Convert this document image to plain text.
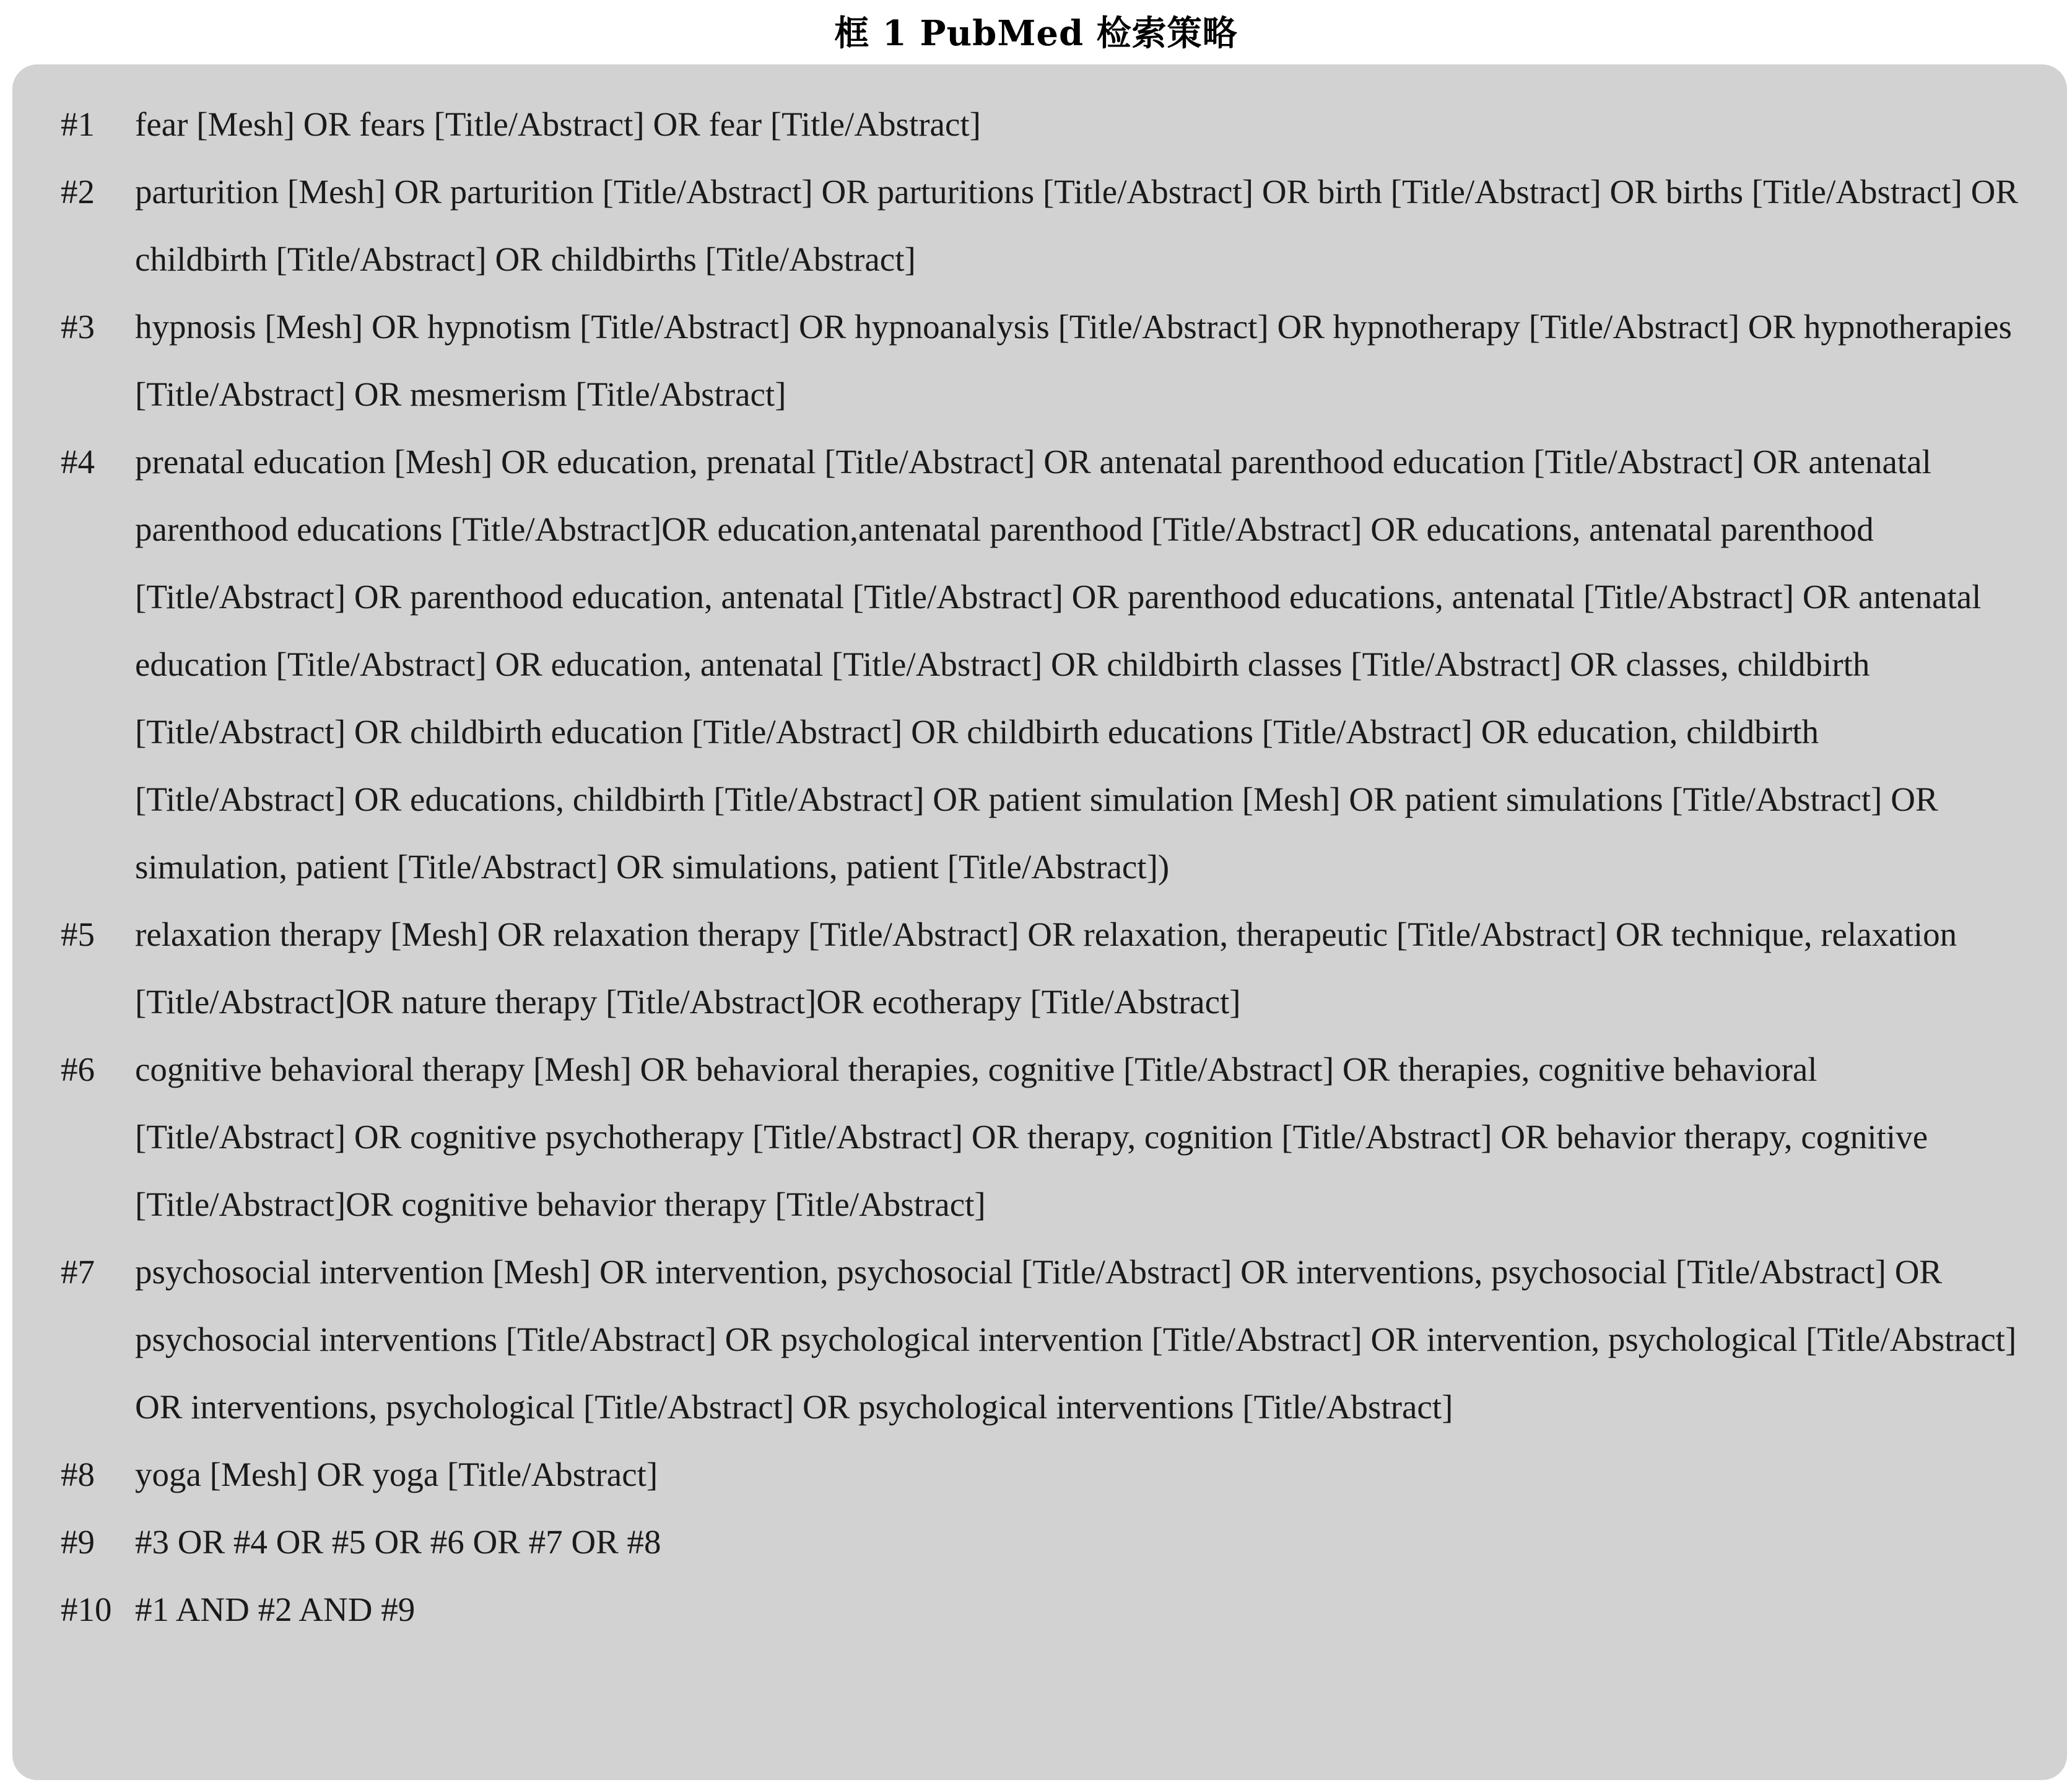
框 1 PubMed 检索策略
#1	fear [Mesh] OR fears [Title/Abstract] OR fear [Title/Abstract]
#2	parturition [Mesh] OR parturition [Title/Abstract] OR parturitions [Title/Abstract] OR birth [Title/Abstract] OR births [Title/Abstract] OR childbirth [Title/Abstract] OR childbirths [Title/Abstract]
#3	hypnosis [Mesh] OR hypnotism [Title/Abstract] OR hypnoanalysis [Title/Abstract] OR hypnotherapy [Title/Abstract] OR hypnotherapies [Title/Abstract] OR mesmerism [Title/Abstract]
#4	prenatal education [Mesh] OR education, prenatal [Title/Abstract] OR antenatal parenthood education [Title/Abstract] OR antenatal parenthood educations [Title/Abstract]OR education,antenatal parenthood [Title/Abstract] OR educations, antenatal parenthood [Title/Abstract] OR parenthood education, antenatal [Title/Abstract] OR parenthood educations, antenatal [Title/Abstract] OR antenatal education [Title/Abstract] OR education, antenatal [Title/Abstract] OR childbirth classes [Title/Abstract] OR classes, childbirth [Title/Abstract] OR childbirth education [Title/Abstract] OR childbirth educations [Title/Abstract] OR education, childbirth [Title/Abstract] OR educations, childbirth [Title/Abstract] OR patient simulation [Mesh] OR patient simulations [Title/Abstract] OR simulation, patient [Title/Abstract] OR simulations, patient [Title/Abstract])
#5	relaxation therapy [Mesh] OR relaxation therapy [Title/Abstract] OR relaxation, therapeutic [Title/Abstract] OR technique, relaxation [Title/Abstract]OR nature therapy [Title/Abstract]OR ecotherapy [Title/Abstract]
#6	cognitive behavioral therapy [Mesh] OR behavioral therapies, cognitive [Title/Abstract] OR therapies, cognitive behavioral [Title/Abstract] OR cognitive psychotherapy [Title/Abstract] OR therapy, cognition [Title/Abstract] OR behavior therapy, cognitive [Title/Abstract]OR cognitive behavior therapy [Title/Abstract]
#7	psychosocial intervention [Mesh] OR intervention, psychosocial [Title/Abstract] OR interventions, psychosocial [Title/Abstract] OR psychosocial interventions [Title/Abstract] OR psychological intervention [Title/Abstract] OR intervention, psychological [Title/Abstract] OR interventions, psychological [Title/Abstract] OR psychological interventions [Title/Abstract]
#8	yoga [Mesh] OR yoga [Title/Abstract]
#9	#3 OR #4 OR #5 OR #6 OR #7 OR #8
#10 #1 AND #2 AND #9
